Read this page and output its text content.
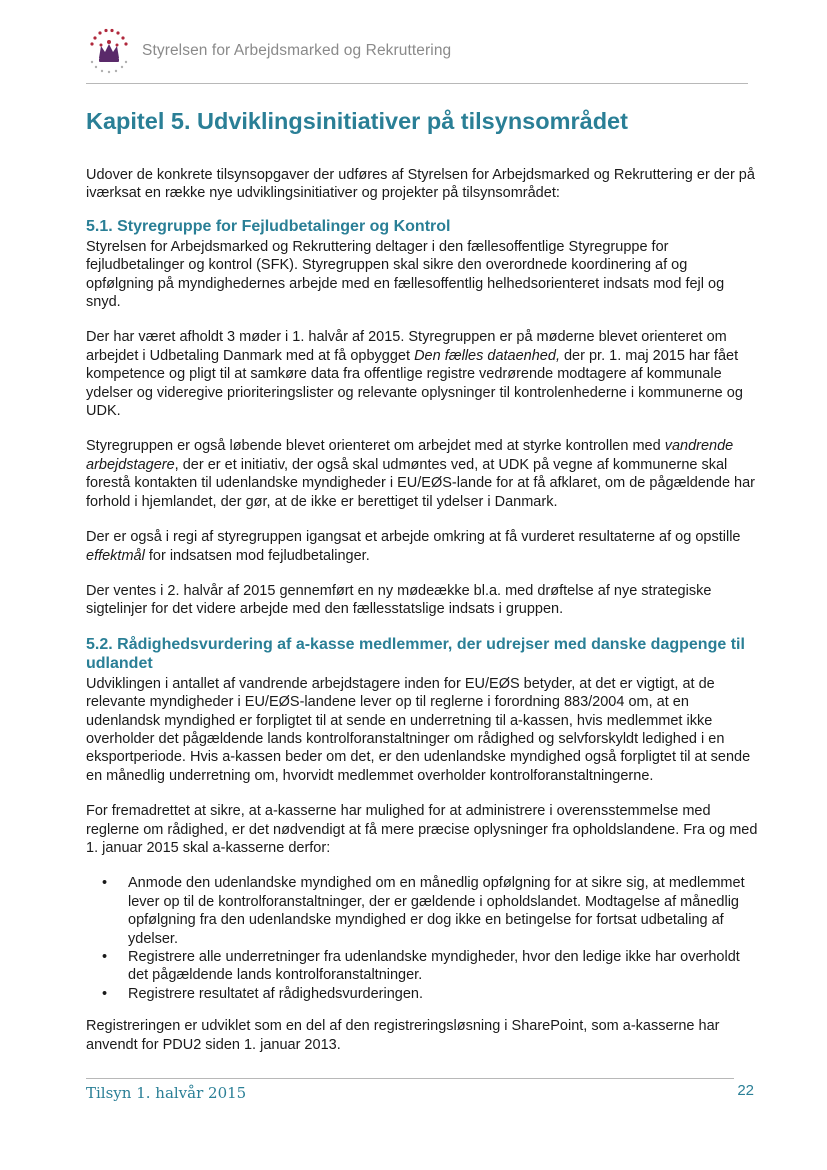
Styrelsen for Arbejdsmarked og Rekruttering
Kapitel 5. Udviklingsinitiativer på tilsynsområdet

Udover de konkrete tilsynsopgaver der udføres af Styrelsen for Arbejdsmarked og Rekruttering er der på iværksat en række nye udviklingsinitiativer og projekter på tilsynsområdet:

5.1. Styregruppe for Fejludbetalinger og Kontrol

Styrelsen for Arbejdsmarked og Rekruttering deltager i den fællesoffentlige Styregruppe for fejludbetalinger og kontrol (SFK). Styregruppen skal sikre den overordnede koordinering af og opfølgning på myndighedernes arbejde med en fællesoffentlig helhedsorienteret indsats mod fejl og snyd.

Der har været afholdt 3 møder i 1. halvår af 2015. Styregruppen er på møderne blevet orienteret om arbejdet i Udbetaling Danmark med at få opbygget Den fælles dataenhed, der pr. 1. maj 2015 har fået kompetence og pligt til at samkøre data fra offentlige registre vedrørende modtagere af kommunale ydelser og videregive prioriteringslister og relevante oplysninger til kontrolenhederne i kommunerne og UDK.

Styregruppen er også løbende blevet orienteret om arbejdet med at styrke kontrollen med vandrende arbejdstagere, der er et initiativ, der også skal udmøntes ved, at UDK på vegne af kommunerne skal forestå kontakten til udenlandske myndigheder i EU/EØS-lande for at få afklaret, om de pågældende har forhold i hjemlandet, der gør, at de ikke er berettiget til ydelser i Danmark.

Der er også i regi af styregruppen igangsat et arbejde omkring at få vurderet resultaterne af og opstille effektmål for indsatsen mod fejludbetalinger.

Der ventes i 2. halvår af 2015 gennemført en ny mødeække bl.a. med drøftelse af nye strategiske sigtelinjer for det videre arbejde med den fællesstatslige indsats i gruppen.

5.2. Rådighedsvurdering af a-kasse medlemmer, der udrejser med danske dagpenge til udlandet

Udviklingen i antallet af vandrende arbejdstagere inden for EU/EØS betyder, at det er vigtigt, at de relevante myndigheder i EU/EØS-landene lever op til reglerne i forordning 883/2004 om, at en udenlandsk myndighed er forpligtet til at sende en underretning til a-kassen, hvis medlemmet ikke overholder det pågældende lands kontrolforanstaltninger om rådighed og selvforskyldt ledighed i en eksportperiode. Hvis a-kassen beder om det, er den udenlandske myndighed også forpligtet til at sende en månedlig underretning om, hvorvidt medlemmet overholder kontrolforanstaltningerne.

For fremadrettet at sikre, at a-kasserne har mulighed for at administrere i overensstemmelse med reglerne om rådighed, er det nødvendigt at få mere præcise oplysninger fra opholdslandene. Fra og med 1. januar 2015 skal a-kasserne derfor:

• Anmode den udenlandske myndighed om en månedlig opfølgning for at sikre sig, at medlemmet lever op til de kontrolforanstaltninger, der er gældende i opholdslandet. Modtagelse af månedlig opfølgning fra den udenlandske myndighed er dog ikke en betingelse for fortsat udbetaling af ydelser.
• Registrere alle underretninger fra udenlandske myndigheder, hvor den ledige ikke har overholdt det pågældende lands kontrolforanstaltninger.
• Registrere resultatet af rådighedsvurderingen.

Registreringen er udviklet som en del af den registreringsløsning i SharePoint, som a-kasserne har anvendt for PDU2 siden 1. januar 2013.

Tilsyn 1. halvår 2015	22
